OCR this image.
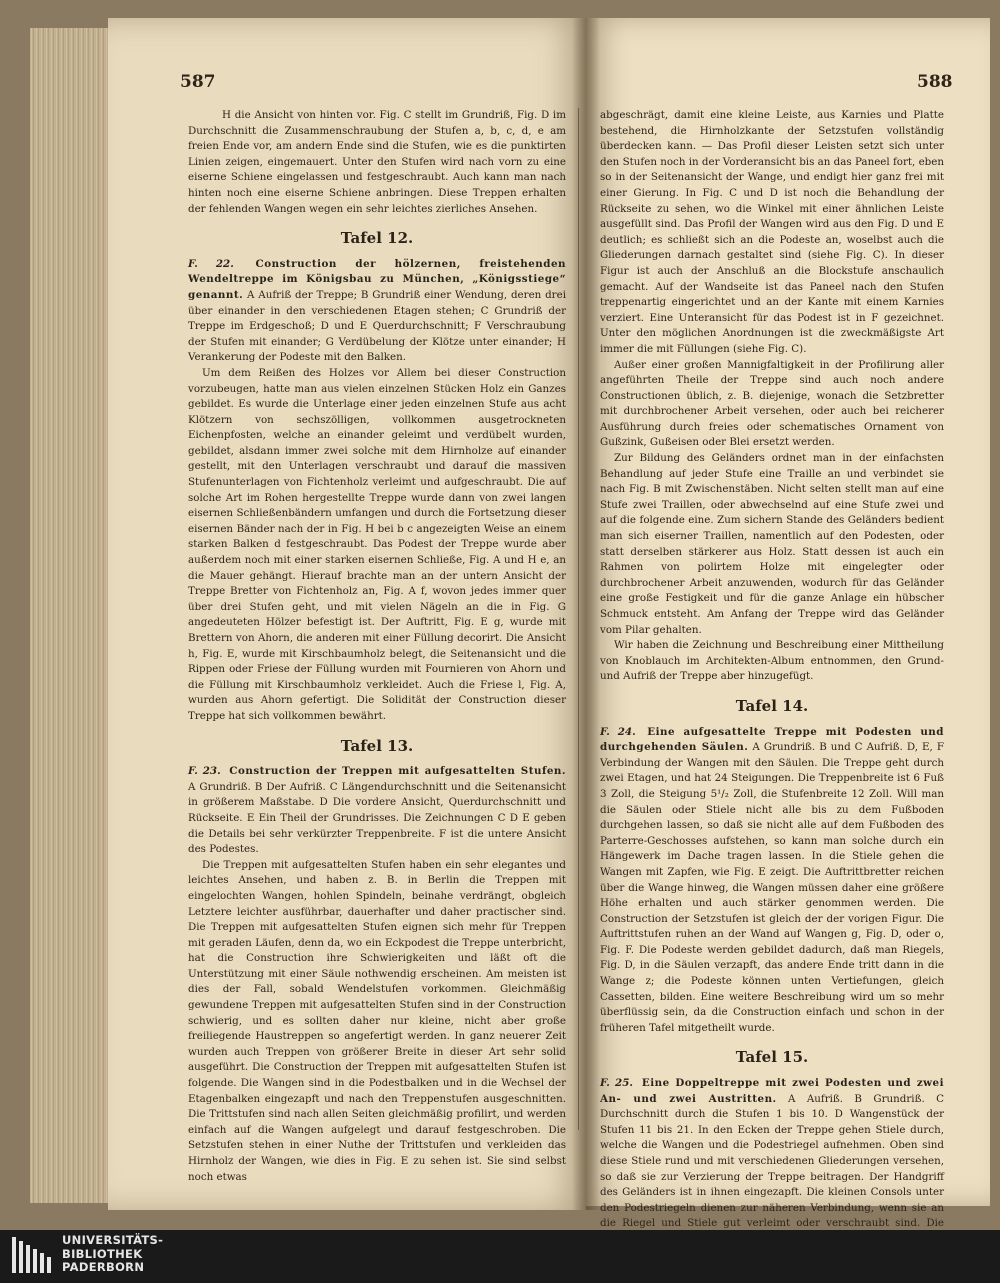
587	588

H die Ansicht von hinten vor. Fig. C stellt im Grundriß, Fig. D im Durchschnitt die Zusammenschraubung der Stufen a, b, c, d, e am freien Ende vor, am andern Ende sind die Stufen, wie es die punktirten Linien zeigen, eingemauert. Unter den Stufen wird nach vorn zu eine eiserne Schiene eingelassen und festgeschraubt. Auch kann man nach hinten noch eine eiserne Schiene anbringen. Diese Treppen erhalten der fehlenden Wangen wegen ein sehr leichtes zierliches Ansehen.

Tafel 12.

F. 22. Construction der hölzernen, freistehenden Wendeltreppe im Königsbau zu München, „Königsstiege“ genannt. A Aufriß der Treppe; B Grundriß einer Wendung, deren drei über einander in den verschiedenen Etagen stehen; C Grundriß der Treppe im Erdgeschoß; D und E Querdurchschnitt; F Verschraubung der Stufen mit einander; G Verdübelung der Klötze unter einander; H Verankerung der Podeste mit den Balken.

Um dem Reißen des Holzes vor Allem bei dieser Construction vorzubeugen, hatte man aus vielen einzelnen Stücken Holz ein Ganzes gebildet. Es wurde die Unterlage einer jeden einzelnen Stufe aus acht Klötzern von sechszölligen, vollkommen ausgetrockneten Eichenpfosten, welche an einander geleimt und verdübelt wurden, gebildet, alsdann immer zwei solche mit dem Hirnholze auf einander gestellt, mit den Unterlagen verschraubt und darauf die massiven Stufenunterlagen von Fichtenholz verleimt und aufgeschraubt. Die auf solche Art im Rohen hergestellte Treppe wurde dann von zwei langen eisernen Schließenbändern umfangen und durch die Fortsetzung dieser eisernen Bänder nach der in Fig. H bei b c angezeigten Weise an einem starken Balken d festgeschraubt. Das Podest der Treppe wurde aber außerdem noch mit einer starken eisernen Schließe, Fig. A und H e, an die Mauer gehängt. Hierauf brachte man an der untern Ansicht der Treppe Bretter von Fichtenholz an, Fig. A f, wovon jedes immer quer über drei Stufen geht, und mit vielen Nägeln an die in Fig. G angedeuteten Hölzer befestigt ist. Der Auftritt, Fig. E g, wurde mit Brettern von Ahorn, die anderen mit einer Füllung decorirt. Die Ansicht h, Fig. E, wurde mit Kirschbaumholz belegt, die Seitenansicht und die Rippen oder Friese der Füllung wurden mit Fournieren von Ahorn und die Füllung mit Kirschbaumholz verkleidet. Auch die Friese l, Fig. A, wurden aus Ahorn gefertigt. Die Solidität der Construction dieser Treppe hat sich vollkommen bewährt.

Tafel 13.

F. 23. Construction der Treppen mit aufgesattelten Stufen. A Grundriß. B Der Aufriß. C Längendurchschnitt und die Seitenansicht in größerem Maßstabe. D Die vordere Ansicht, Querdurchschnitt und Rückseite. E Ein Theil der Grundrisses. Die Zeichnungen C D E geben die Details bei sehr verkürzter Treppenbreite. F ist die untere Ansicht des Podestes.

Die Treppen mit aufgesattelten Stufen haben ein sehr elegantes und leichtes Ansehen, und haben z. B. in Berlin die Treppen mit eingelochten Wangen, hohlen Spindeln, beinahe verdrängt, obgleich Letztere leichter ausführbar, dauerhafter und daher practischer sind. Die Treppen mit aufgesattelten Stufen eignen sich mehr für Treppen mit geraden Läufen, denn da, wo ein Eckpodest die Treppe unterbricht, hat die Construction ihre Schwierigkeiten und läßt oft die Unterstützung mit einer Säule nothwendig erscheinen. Am meisten ist dies der Fall, sobald Wendelstufen vorkommen. Gleichmäßig gewundene Treppen mit aufgesattelten Stufen sind in der Construction schwierig, und es sollten daher nur kleine, nicht aber große freiliegende Haustreppen so angefertigt werden. In ganz neuerer Zeit wurden auch Treppen von größerer Breite in dieser Art sehr solid ausgeführt. Die Construction der Treppen mit aufgesattelten Stufen ist folgende. Die Wangen sind in die Podestbalken und in die Wechsel der Etagenbalken eingezapft und nach den Treppenstufen ausgeschnitten. Die Trittstufen sind nach allen Seiten gleichmäßig profilirt, und werden einfach auf die Wangen aufgelegt und darauf festgeschroben. Die Setzstufen stehen in einer Nuthe der Trittstufen und verkleiden das Hirnholz der Wangen, wie dies in Fig. E zu sehen ist. Sie sind selbst noch etwas

abgeschrägt, damit eine kleine Leiste, aus Karnies und Platte bestehend, die Hirnholzkante der Setzstufen vollständig überdecken kann. — Das Profil dieser Leisten setzt sich unter den Stufen noch in der Vorderansicht bis an das Paneel fort, eben so in der Seitenansicht der Wange, und endigt hier ganz frei mit einer Gierung. In Fig. C und D ist noch die Behandlung der Rückseite zu sehen, wo die Winkel mit einer ähnlichen Leiste ausgefüllt sind. Das Profil der Wangen wird aus den Fig. D und E deutlich; es schließt sich an die Podeste an, woselbst auch die Gliederungen darnach gestaltet sind (siehe Fig. C). In dieser Figur ist auch der Anschluß an die Blockstufe anschaulich gemacht. Auf der Wandseite ist das Paneel nach den Stufen treppenartig eingerichtet und an der Kante mit einem Karnies verziert. Eine Unteransicht für das Podest ist in F gezeichnet. Unter den möglichen Anordnungen ist die zweckmäßigste Art immer die mit Füllungen (siehe Fig. C).

Außer einer großen Mannigfaltigkeit in der Profilirung aller angeführten Theile der Treppe sind auch noch andere Constructionen üblich, z. B. diejenige, wonach die Setzbretter mit durchbrochener Arbeit versehen, oder auch bei reicherer Ausführung durch freies oder schematisches Ornament von Gußzink, Gußeisen oder Blei ersetzt werden.

Zur Bildung des Geländers ordnet man in der einfachsten Behandlung auf jeder Stufe eine Traille an und verbindet sie nach Fig. B mit Zwischenstäben. Nicht selten stellt man auf eine Stufe zwei Traillen, oder abwechselnd auf eine Stufe zwei und auf die folgende eine. Zum sichern Stande des Geländers bedient man sich eiserner Traillen, namentlich auf den Podesten, oder statt derselben stärkerer aus Holz. Statt dessen ist auch ein Rahmen von polirtem Holze mit eingelegter oder durchbrochener Arbeit anzuwenden, wodurch für das Geländer eine große Festigkeit und für die ganze Anlage ein hübscher Schmuck entsteht. Am Anfang der Treppe wird das Geländer vom Pilar gehalten.

Wir haben die Zeichnung und Beschreibung einer Mittheilung von Knoblauch im Architekten-Album entnommen, den Grund- und Aufriß der Treppe aber hinzugefügt.

Tafel 14.

F. 24. Eine aufgesattelte Treppe mit Podesten und durchgehenden Säulen. A Grundriß. B und C Aufriß. D, E, F Verbindung der Wangen mit den Säulen. Die Treppe geht durch zwei Etagen, und hat 24 Steigungen. Die Treppenbreite ist 6 Fuß 3 Zoll, die Steigung 5¹/₂ Zoll, die Stufenbreite 12 Zoll. Will man die Säulen oder Stiele nicht alle bis zu dem Fußboden durchgehen lassen, so daß sie nicht alle auf dem Fußboden des Parterre-Geschosses aufstehen, so kann man solche durch ein Hängewerk im Dache tragen lassen. In die Stiele gehen die Wangen mit Zapfen, wie Fig. E zeigt. Die Auftrittbretter reichen über die Wange hinweg, die Wangen müssen daher eine größere Höhe erhalten und auch stärker genommen werden. Die Construction der Setzstufen ist gleich der der vorigen Figur. Die Auftrittstufen ruhen an der Wand auf Wangen g, Fig. D, oder o, Fig. F. Die Podeste werden gebildet dadurch, daß man Riegels, Fig. D, in die Säulen verzapft, das andere Ende tritt dann in die Wange z; die Podeste können unten Vertiefungen, gleich Cassetten, bilden. Eine weitere Beschreibung wird um so mehr überflüssig sein, da die Construction einfach und schon in der früheren Tafel mitgetheilt wurde.

Tafel 15.

F. 25. Eine Doppeltreppe mit zwei Podesten und zwei An- und zwei Austritten. A Aufriß. B Grundriß. C Durchschnitt durch die Stufen 1 bis 10. D Wangenstück der Stufen 11 bis 21. In den Ecken der Treppe gehen Stiele durch, welche die Wangen und die Podestriegel aufnehmen. Oben sind diese Stiele rund und mit verschiedenen Gliederungen versehen, so daß sie zur Verzierung der Treppe beitragen. Der Handgriff des Geländers ist in ihnen eingezapft. Die kleinen Consols unter den Podestriegeln dienen zur näheren Verbindung, wenn sie an die Riegel und Stiele gut verleimt oder verschraubt sind. Die

UNIVERSITÄTS-
BIBLIOTHEK
PADERBORN
